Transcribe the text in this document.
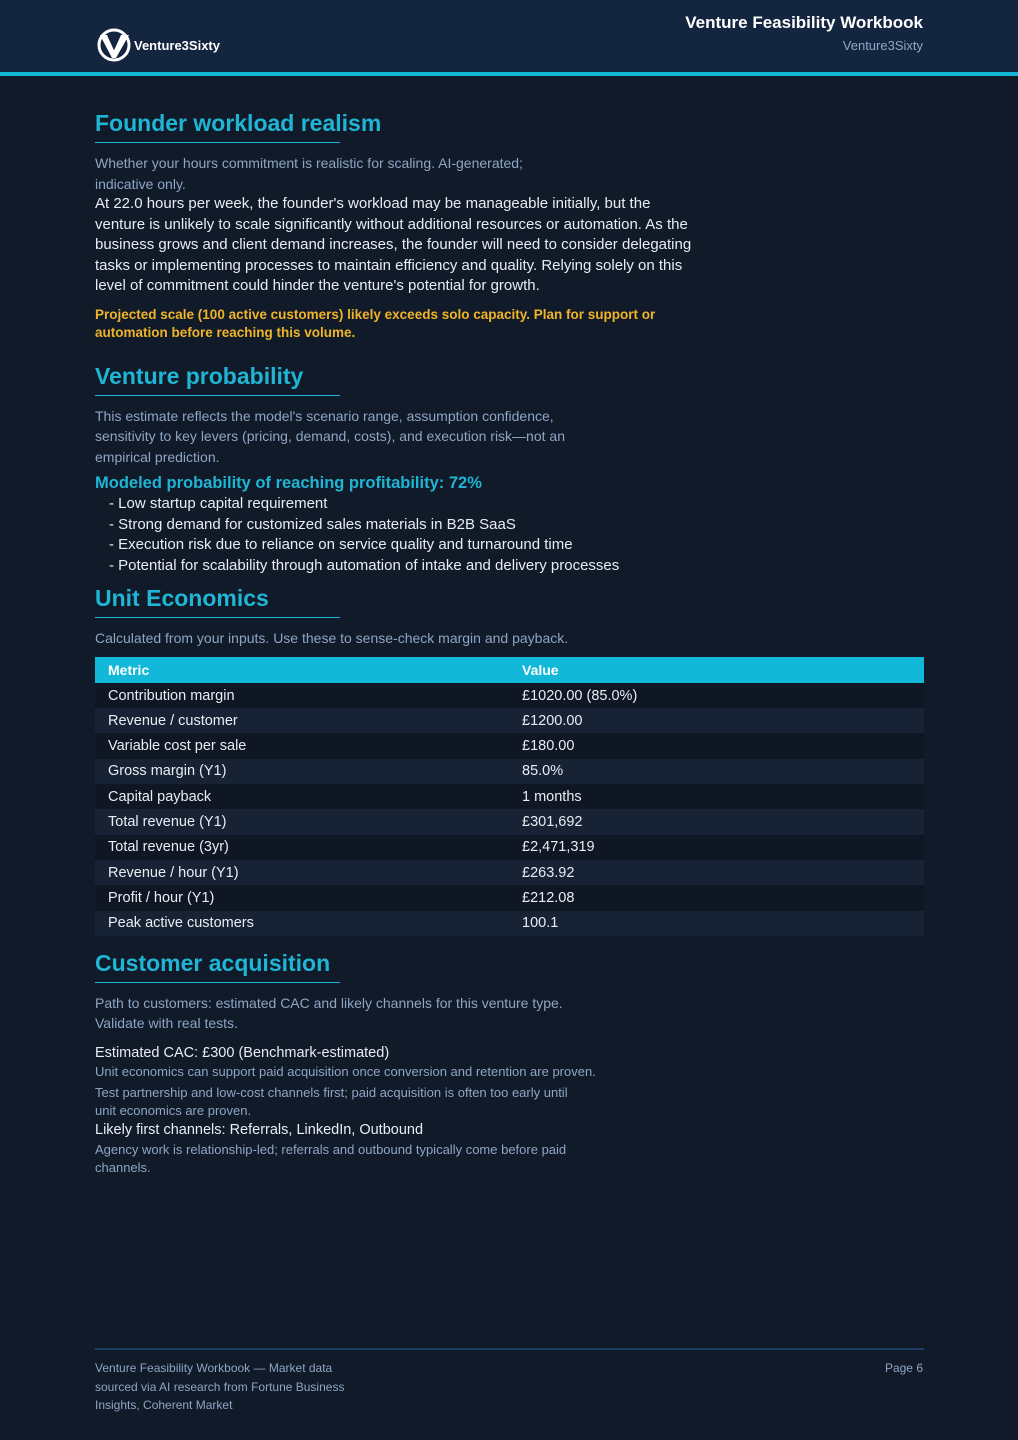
Venture3Sixty
Venture Feasibility Workbook
Venture3Sixty
Founder workload realism
Whether your hours commitment is realistic for scaling. AI-generated; indicative only.
At 22.0 hours per week, the founder's workload may be manageable initially, but the venture is unlikely to scale significantly without additional resources or automation. As the business grows and client demand increases, the founder will need to consider delegating tasks or implementing processes to maintain efficiency and quality. Relying solely on this level of commitment could hinder the venture's potential for growth.
Projected scale (100 active customers) likely exceeds solo capacity. Plan for support or automation before reaching this volume.
Venture probability
This estimate reflects the model's scenario range, assumption confidence, sensitivity to key levers (pricing, demand, costs), and execution risk—not an empirical prediction.
Modeled probability of reaching profitability: 72%
- Low startup capital requirement
- Strong demand for customized sales materials in B2B SaaS
- Execution risk due to reliance on service quality and turnaround time
- Potential for scalability through automation of intake and delivery processes
Unit Economics
Calculated from your inputs. Use these to sense-check margin and payback.
Metric	Value
Contribution margin	£1020.00 (85.0%)
Revenue / customer	£1200.00
Variable cost per sale	£180.00
Gross margin (Y1)	85.0%
Capital payback	1 months
Total revenue (Y1)	£301,692
Total revenue (3yr)	£2,471,319
Revenue / hour (Y1)	£263.92
Profit / hour (Y1)	£212.08
Peak active customers	100.1
Customer acquisition
Path to customers: estimated CAC and likely channels for this venture type. Validate with real tests.
Estimated CAC: £300 (Benchmark-estimated)
Unit economics can support paid acquisition once conversion and retention are proven.
Test partnership and low-cost channels first; paid acquisition is often too early until unit economics are proven.
Likely first channels: Referrals, LinkedIn, Outbound
Agency work is relationship-led; referrals and outbound typically come before paid channels.
Venture Feasibility Workbook — Market data sourced via AI research from Fortune Business Insights, Coherent Market
Page 6
